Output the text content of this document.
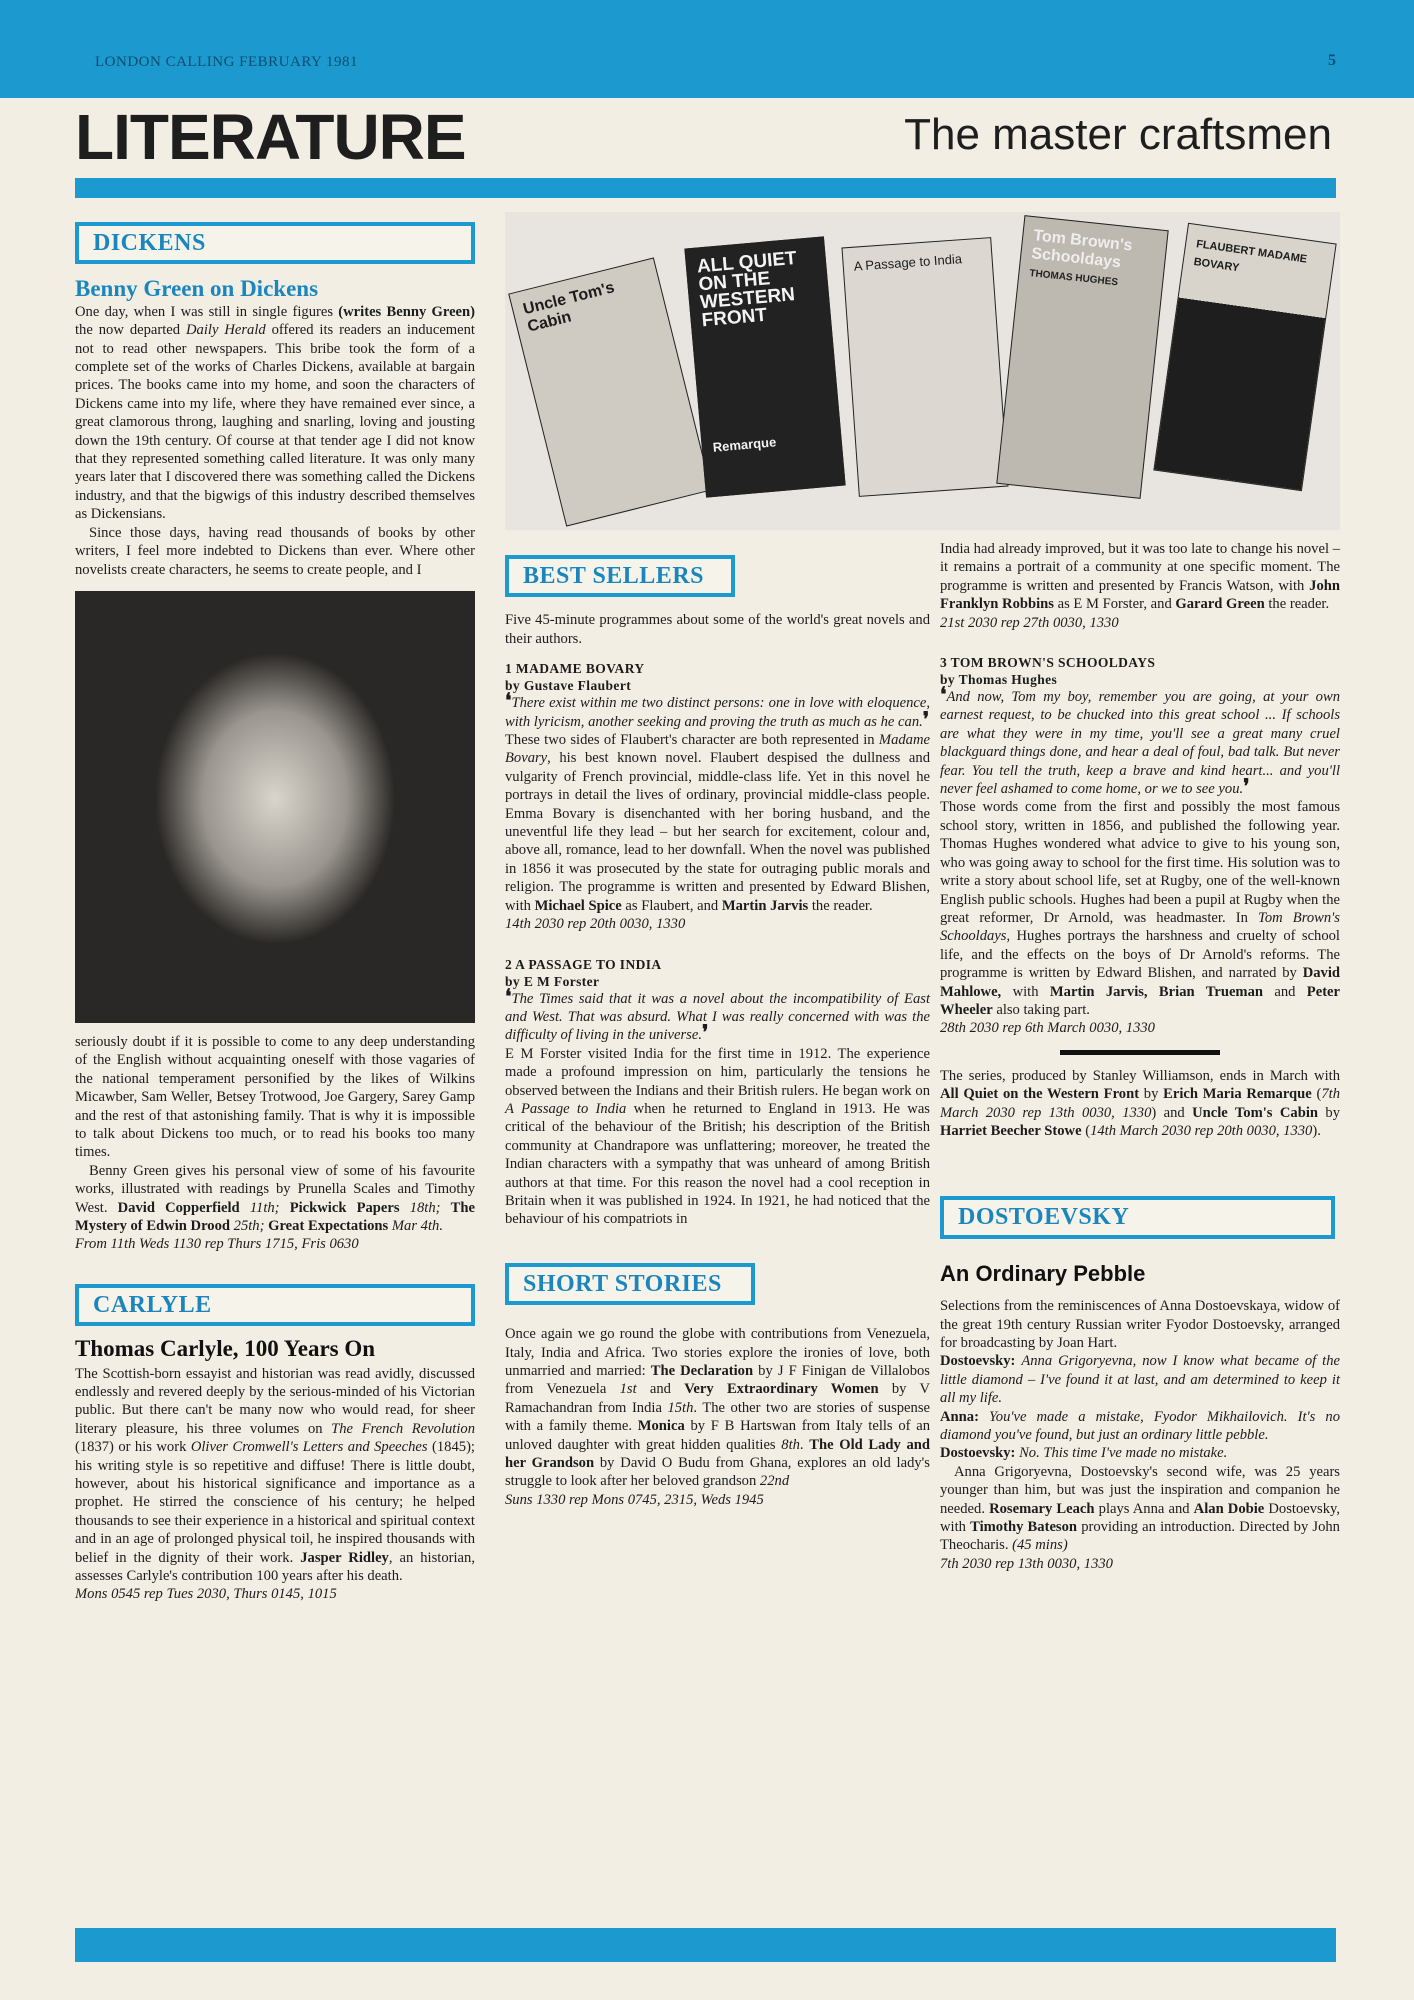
LONDON CALLING FEBRUARY 1981	5
LITERATURE	The master craftsmen
DICKENS
Benny Green on Dickens

One day, when I was still in single figures (writes Benny Green) the now departed Daily Herald offered its readers an inducement not to read other newspapers. This bribe took the form of a complete set of the works of Charles Dickens, available at bargain prices. The books came into my home, and soon the characters of Dickens came into my life, where they have remained ever since, a great clamorous throng, laughing and snarling, loving and jousting down the 19th century. Of course at that tender age I did not know that they represented something called literature. It was only many years later that I discovered there was something called the Dickens industry, and that the bigwigs of this industry described themselves as Dickensians.

Since those days, having read thousands of books by other writers, I feel more indebted to Dickens than ever. Where other novelists create characters, he seems to create people, and I

seriously doubt if it is possible to come to any deep understanding of the English without acquainting oneself with those vagaries of the national temperament personified by the likes of Wilkins Micawber, Sam Weller, Betsey Trotwood, Joe Gargery, Sarey Gamp and the rest of that astonishing family. That is why it is impossible to talk about Dickens too much, or to read his books too many times.

Benny Green gives his personal view of some of his favourite works, illustrated with readings by Prunella Scales and Timothy West. David Copperfield 11th; Pickwick Papers 18th; The Mystery of Edwin Drood 25th; Great Expectations Mar 4th.

From 11th Weds 1130 rep Thurs 1715, Fris 0630

CARLYLE
Thomas Carlyle, 100 Years On

The Scottish-born essayist and historian was read avidly, discussed endlessly and revered deeply by the serious-minded of his Victorian public. But there can't be many now who would read, for sheer literary pleasure, his three volumes on The French Revolution (1837) or his work Oliver Cromwell's Letters and Speeches (1845); his writing style is so repetitive and diffuse! There is little doubt, however, about his historical significance and importance as a prophet. He stirred the conscience of his century; he helped thousands to see their experience in a historical and spiritual context and in an age of prolonged physical toil, he inspired thousands with belief in the dignity of their work. Jasper Ridley, an historian, assesses Carlyle's contribution 100 years after his death.

Mons 0545 rep Tues 2030, Thurs 0145, 1015

Uncle Tom's Cabin
ALL QUIET ON THE WESTERN FRONT

Remarque
A Passage to India
Tom Brown's Schooldays
THOMAS HUGHES
FLAUBERT MADAME BOVARY
BEST SELLERS

Five 45-minute programmes about some of the world's great novels and their authors.

1 MADAME BOVARY
by Gustave Flaubert

❛There exist within me two distinct persons: one in love with eloquence, with lyricism, another seeking and proving the truth as much as he can.❜

These two sides of Flaubert's character are both represented in Madame Bovary, his best known novel. Flaubert despised the dullness and vulgarity of French provincial, middle-class life. Yet in this novel he portrays in detail the lives of ordinary, provincial middle-class people. Emma Bovary is disenchanted with her boring husband, and the uneventful life they lead – but her search for excitement, colour and, above all, romance, lead to her downfall. When the novel was published in 1856 it was prosecuted by the state for outraging public morals and religion. The programme is written and presented by Edward Blishen, with Michael Spice as Flaubert, and Martin Jarvis the reader.

14th 2030 rep 20th 0030, 1330

2 A PASSAGE TO INDIA
by E M Forster

❛The Times said that it was a novel about the incompatibility of East and West. That was absurd. What I was really concerned with was the difficulty of living in the universe.❜

E M Forster visited India for the first time in 1912. The experience made a profound impression on him, particularly the tensions he observed between the Indians and their British rulers. He began work on A Passage to India when he returned to England in 1913. He was critical of the behaviour of the British; his description of the British community at Chandrapore was unflattering; moreover, he treated the Indian characters with a sympathy that was unheard of among British authors at that time. For this reason the novel had a cool reception in Britain when it was published in 1924. In 1921, he had noticed that the behaviour of his compatriots in

SHORT STORIES

Once again we go round the globe with contributions from Venezuela, Italy, India and Africa. Two stories explore the ironies of love, both unmarried and married: The Declaration by J F Finigan de Villalobos from Venezuela 1st and Very Extraordinary Women by V Ramachandran from India 15th. The other two are stories of suspense with a family theme. Monica by F B Hartswan from Italy tells of an unloved daughter with great hidden qualities 8th. The Old Lady and her Grandson by David O Budu from Ghana, explores an old lady's struggle to look after her beloved grandson 22nd

Suns 1330 rep Mons 0745, 2315, Weds 1945

India had already improved, but it was too late to change his novel – it remains a portrait of a community at one specific moment. The programme is written and presented by Francis Watson, with John Franklyn Robbins as E M Forster, and Garard Green the reader.

21st 2030 rep 27th 0030, 1330

3 TOM BROWN'S SCHOOLDAYS
by Thomas Hughes

❛And now, Tom my boy, remember you are going, at your own earnest request, to be chucked into this great school ... If schools are what they were in my time, you'll see a great many cruel blackguard things done, and hear a deal of foul, bad talk. But never fear. You tell the truth, keep a brave and kind heart... and you'll never feel ashamed to come home, or we to see you.❜

Those words come from the first and possibly the most famous school story, written in 1856, and published the following year. Thomas Hughes wondered what advice to give to his young son, who was going away to school for the first time. His solution was to write a story about school life, set at Rugby, one of the well-known English public schools. Hughes had been a pupil at Rugby when the great reformer, Dr Arnold, was headmaster. In Tom Brown's Schooldays, Hughes portrays the harshness and cruelty of school life, and the effects on the boys of Dr Arnold's reforms. The programme is written by Edward Blishen, and narrated by David Mahlowe, with Martin Jarvis, Brian Trueman and Peter Wheeler also taking part.

28th 2030 rep 6th March 0030, 1330

The series, produced by Stanley Williamson, ends in March with All Quiet on the Western Front by Erich Maria Remarque (7th March 2030 rep 13th 0030, 1330) and Uncle Tom's Cabin by Harriet Beecher Stowe (14th March 2030 rep 20th 0030, 1330).

DOSTOEVSKY
An Ordinary Pebble

Selections from the reminiscences of Anna Dostoevskaya, widow of the great 19th century Russian writer Fyodor Dostoevsky, arranged for broadcasting by Joan Hart.

Dostoevsky: Anna Grigoryevna, now I know what became of the little diamond – I've found it at last, and am determined to keep it all my life.

Anna: You've made a mistake, Fyodor Mikhailovich. It's no diamond you've found, but just an ordinary little pebble.

Dostoevsky: No. This time I've made no mistake.

Anna Grigoryevna, Dostoevsky's second wife, was 25 years younger than him, but was just the inspiration and companion he needed. Rosemary Leach plays Anna and Alan Dobie Dostoevsky, with Timothy Bateson providing an introduction. Directed by John Theocharis. (45 mins)

7th 2030 rep 13th 0030, 1330
